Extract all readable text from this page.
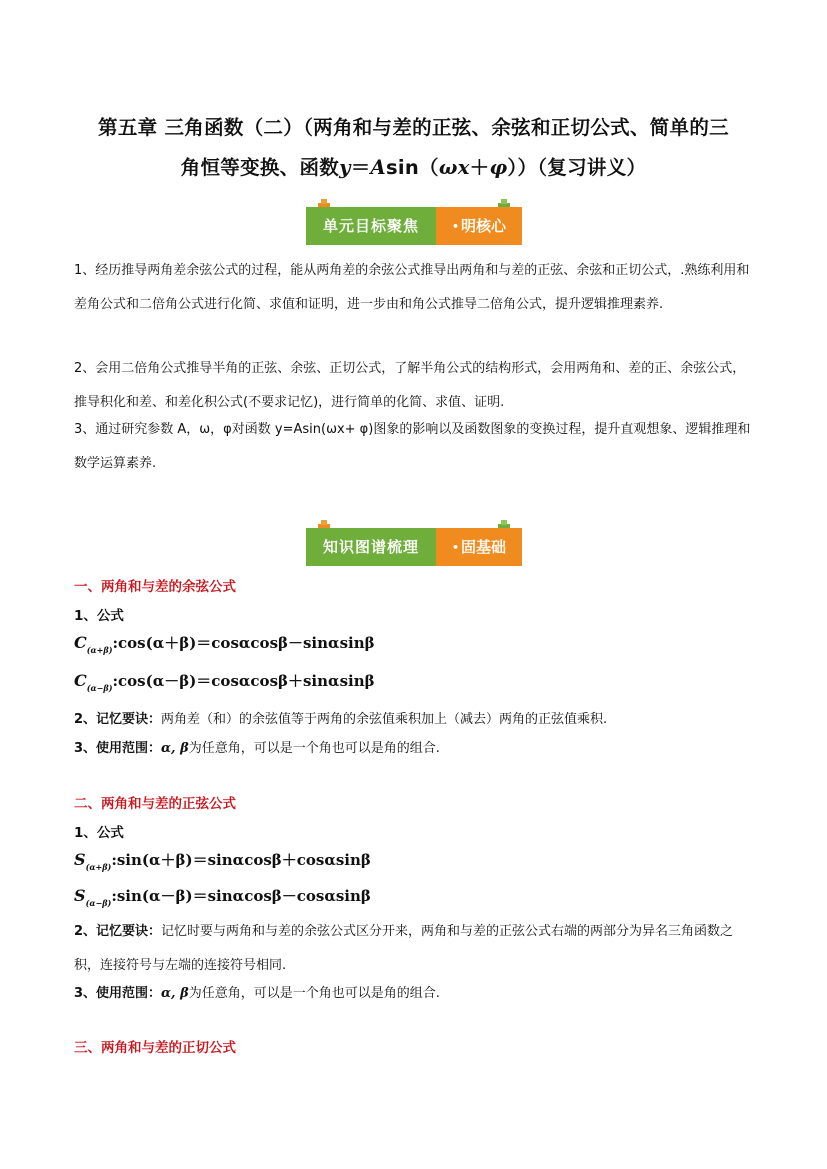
第五章 三角函数（二）（两角和与差的正弦、余弦和正切公式、简单的三
角恒等变换、函数y＝Asin（ωx＋φ））（复习讲义）
单元目标聚焦	• 明核心
1、经历推导两角差余弦公式的过程，能从两角差的余弦公式推导出两角和与差的正弦、余弦和正切公式，.熟练利用和差角公式和二倍角公式进行化简、求值和证明，进一步由和角公式推导二倍角公式，提升逻辑推理素养.
2、会用二倍角公式推导半角的正弦、余弦、正切公式，了解半角公式的结构形式，会用两角和、差的正、余弦公式，推导积化和差、和差化积公式(不要求记忆)，进行简单的化简、求值、证明.
3、通过研究参数 A，ω，φ对函数 y=Asin(ωx+ φ)图象的影响以及函数图象的变换过程，提升直观想象、逻辑推理和数学运算素养.
知识图谱梳理	• 固基础
一、两角和与差的余弦公式
1、公式
$C_{(\alpha+\beta)}:\cos(\alpha+\beta)=\cos\alpha\cos\beta-\sin\alpha\sin\beta$
$C_{(\alpha-\beta)}:\cos(\alpha-\beta)=\cos\alpha\cos\beta+\sin\alpha\sin\beta$
2、记忆要诀：两角差（和）的余弦值等于两角的余弦值乘积加上（减去）两角的正弦值乘积.
3、使用范围：α, β为任意角，可以是一个角也可以是角的组合.
二、两角和与差的正弦公式
1、公式
$S_{(\alpha+\beta)}:\sin(\alpha+\beta)=\sin\alpha\cos\beta+\cos\alpha\sin\beta$
$S_{(\alpha-\beta)}:\sin(\alpha-\beta)=\sin\alpha\cos\beta-\cos\alpha\sin\beta$
2、记忆要诀：记忆时要与两角和与差的余弦公式区分开来，两角和与差的正弦公式右端的两部分为异名三角函数之积，连接符号与左端的连接符号相同.
3、使用范围：α, β为任意角，可以是一个角也可以是角的组合.
三、两角和与差的正切公式
